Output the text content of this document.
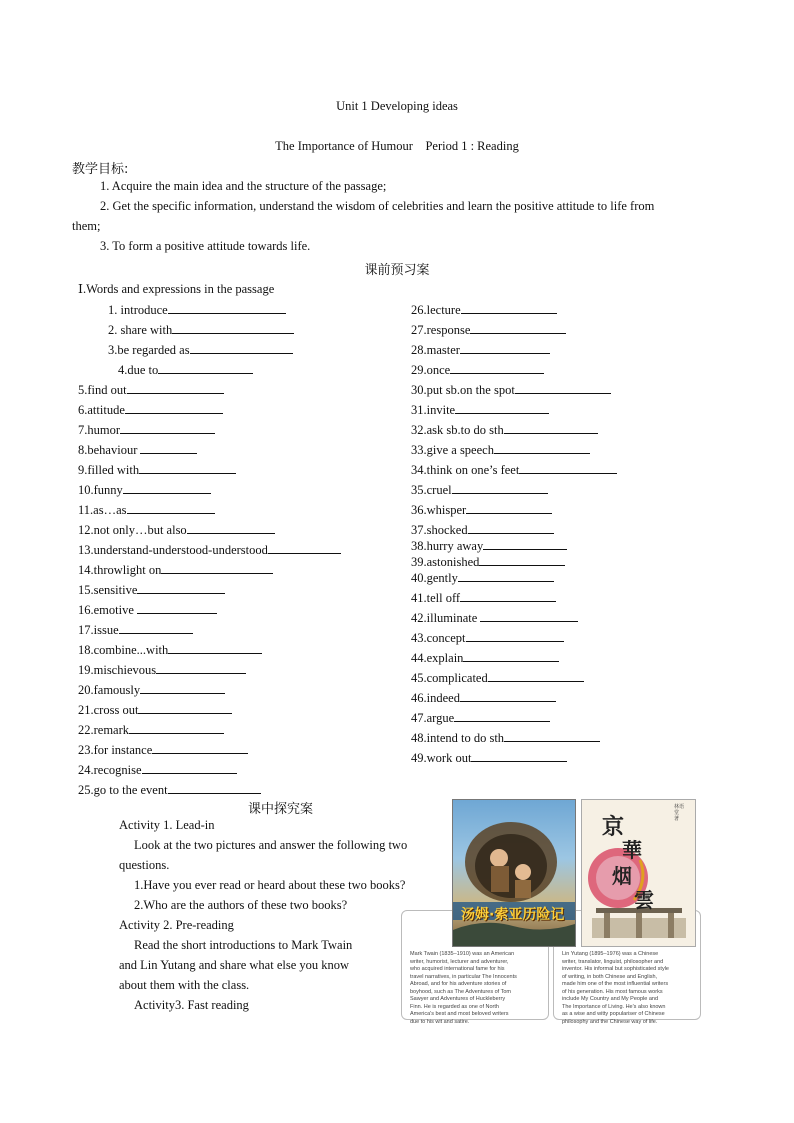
Unit 1 Developing ideas
The Importance of Humour    Period 1 : Reading
教学目标:
1. Acquire the main idea and the structure of the passage;
2. Get the specific information, understand the wisdom of celebrities and learn the positive attitude to life from
them;
3. To form a positive attitude towards life.
课前预习案
Ⅰ.Words and expressions in the passage
1. introduce
2. share with
3.be regarded as
4.due to
5.find out
6.attitude
7.humor
8.behaviour
9.filled with
10.funny
11.as…as
12.not only…but also
13.understand-understood-understood
14.throwlight on
15.sensitive
16.emotive
17.issue
18.combine...with
19.mischievous
20.famously
21.cross out
22.remark
23.for instance
24.recognise
25.go to the event
26.lecture
27.response
28.master
29.once
30.put sb.on the spot
31.invite
32.ask sb.to do sth
33.give a speech
34.think on one’s feet
35.cruel
36.whisper
37.shocked
38.hurry away
39.astonished
40.gently
41.tell off
42.illuminate
43.concept
44.explain
45.complicated
46.indeed
47.argue
48.intend to do sth
49.work out
课中探究案
Activity 1. Lead-in
Look at the two pictures and answer the following two
questions.
1.Have you ever read or heard about these two books?
2.Who are the authors of these two books?
Activity 2. Pre-reading
Read the short introductions to Mark Twain
and Lin Yutang and share what else you know
about them with the class.
Activity3. Fast reading
Mark Twain (1835–1910) was an American
writer, humorist, lecturer and adventurer,
who acquired international fame for his
travel narratives, in particular The Innocents
Abroad, and for his adventure stories of
boyhood, such as The Adventures of Tom
Sawyer and Adventures of Huckleberry
Finn. He is regarded as one of North
America's best and most beloved writers
due to his wit and satire.
Lin Yutang (1895–1976) was a Chinese
writer, translator, linguist, philosopher and
inventor. His informal but sophisticated style
of writing, in both Chinese and English,
made him one of the most influential writers
of his generation. His most famous works
include My Country and My People and
The Importance of Living. He's also known
as a wise and witty populariser of Chinese
philosophy and the Chinese way of life.
汤姆·索亚历险记
京
華
烟
雲
林语堂 著
